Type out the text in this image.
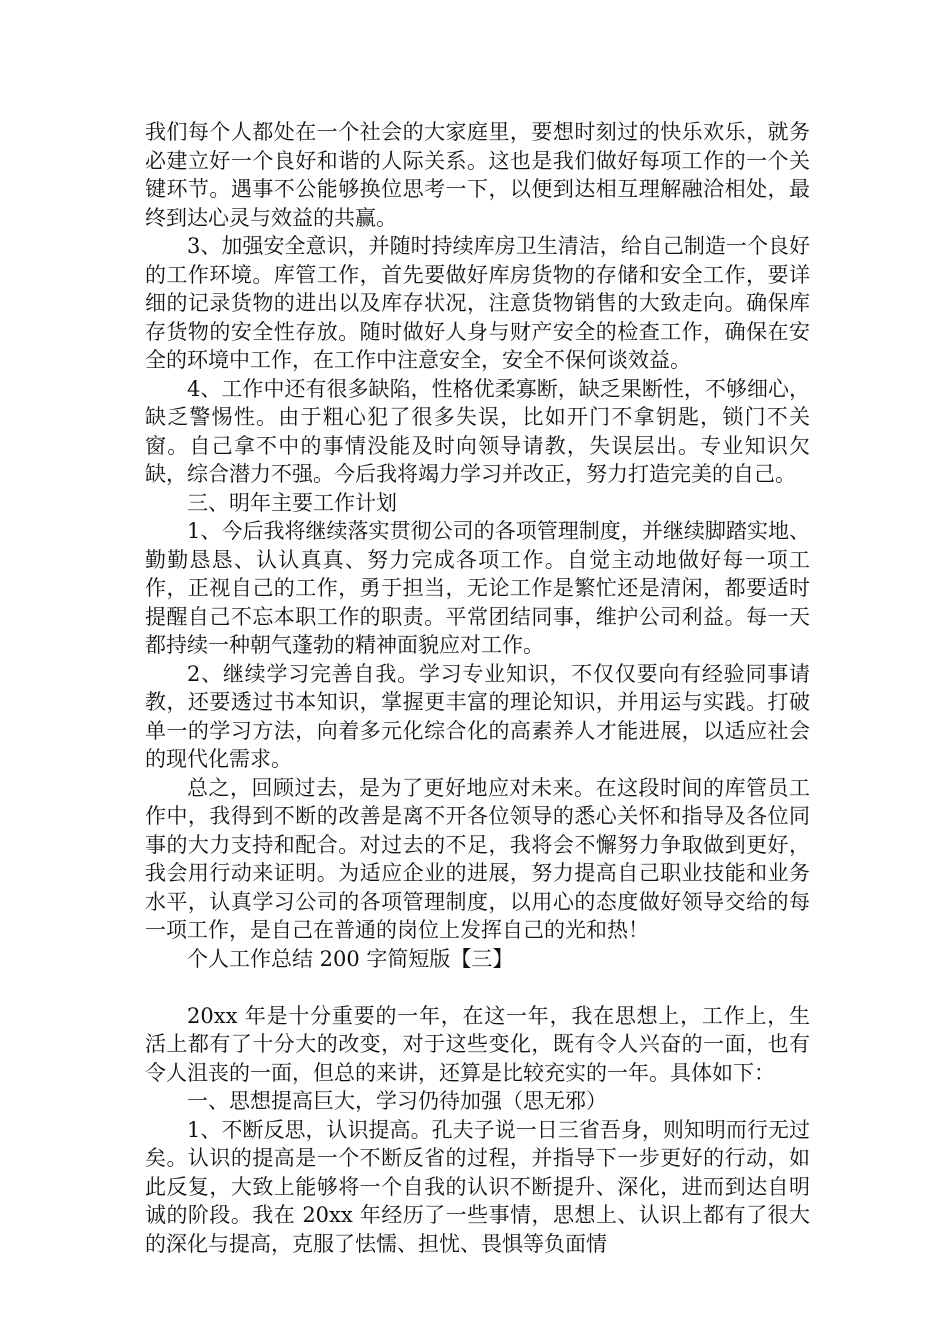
我们每个人都处在一个社会的大家庭里，要想时刻过的快乐欢乐，就务必建立好一个良好和谐的人际关系。这也是我们做好每项工作的一个关键环节。遇事不公能够换位思考一下，以便到达相互理解融洽相处，最终到达心灵与效益的共赢。

3、加强安全意识，并随时持续库房卫生清洁，给自己制造一个良好的工作环境。库管工作，首先要做好库房货物的存储和安全工作，要详细的记录货物的进出以及库存状况，注意货物销售的大致走向。确保库存货物的安全性存放。随时做好人身与财产安全的检查工作，确保在安全的环境中工作，在工作中注意安全，安全不保何谈效益。

4、工作中还有很多缺陷，性格优柔寡断，缺乏果断性，不够细心，缺乏警惕性。由于粗心犯了很多失误，比如开门不拿钥匙，锁门不关窗。自己拿不中的事情没能及时向领导请教，失误层出。专业知识欠缺，综合潜力不强。今后我将竭力学习并改正，努力打造完美的自己。

三、明年主要工作计划

1、今后我将继续落实贯彻公司的各项管理制度，并继续脚踏实地、勤勤恳恳、认认真真、努力完成各项工作。自觉主动地做好每一项工作，正视自己的工作，勇于担当，无论工作是繁忙还是清闲，都要适时提醒自己不忘本职工作的职责。平常团结同事，维护公司利益。每一天都持续一种朝气蓬勃的精神面貌应对工作。

2、继续学习完善自我。学习专业知识，不仅仅要向有经验同事请教，还要透过书本知识，掌握更丰富的理论知识，并用运与实践。打破单一的学习方法，向着多元化综合化的高素养人才能进展，以适应社会的现代化需求。

总之，回顾过去，是为了更好地应对未来。在这段时间的库管员工作中，我得到不断的改善是离不开各位领导的悉心关怀和指导及各位同事的大力支持和配合。对过去的不足，我将会不懈努力争取做到更好，我会用行动来证明。为适应企业的进展，努力提高自己职业技能和业务水平，认真学习公司的各项管理制度，以用心的态度做好领导交给的每一项工作，是自己在普通的岗位上发挥自己的光和热！

个人工作总结 200 字简短版【三】

20xx 年是十分重要的一年，在这一年，我在思想上，工作上，生活上都有了十分大的改变，对于这些变化，既有令人兴奋的一面，也有令人沮丧的一面，但总的来讲，还算是比较充实的一年。具体如下：

一、思想提高巨大，学习仍待加强（思无邪）

1、不断反思，认识提高。孔夫子说一日三省吾身，则知明而行无过矣。认识的提高是一个不断反省的过程，并指导下一步更好的行动，如此反复，大致上能够将一个自我的认识不断提升、深化，进而到达自明诚的阶段。我在 20xx 年经历了一些事情，思想上、认识上都有了很大的深化与提高，克服了怯懦、担忧、畏惧等负面情
